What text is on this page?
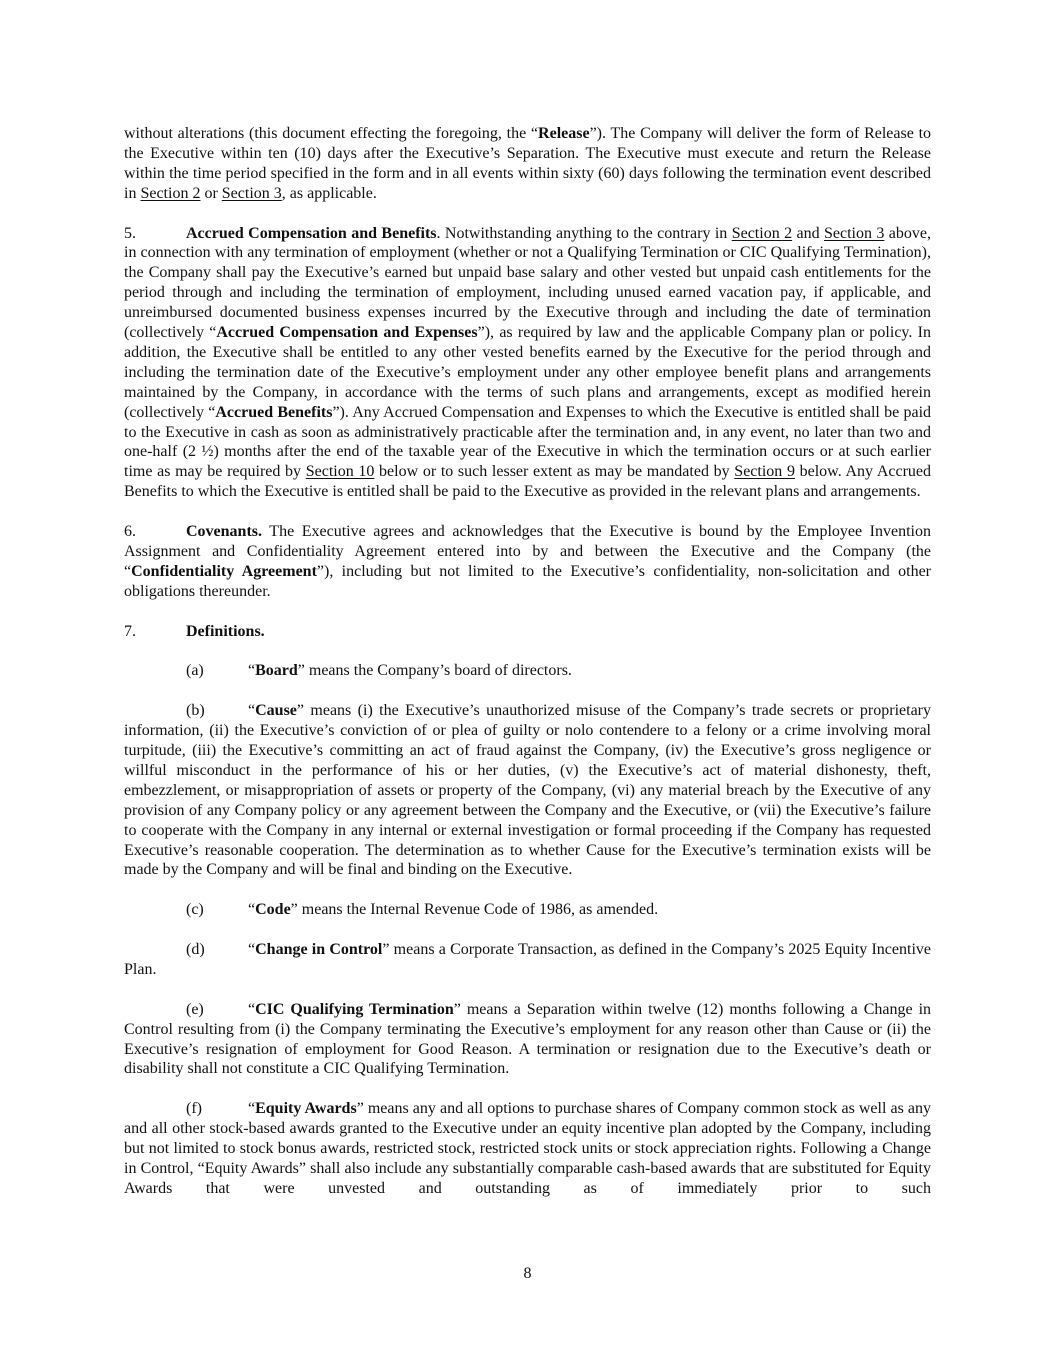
without alterations (this document effecting the foregoing, the “Release”). The Company will deliver the form of Release to the Executive within ten (10) days after the Executive’s Separation. The Executive must execute and return the Release within the time period specified in the form and in all events within sixty (60) days following the termination event described in Section 2 or Section 3, as applicable.

5.	Accrued Compensation and Benefits. Notwithstanding anything to the contrary in Section 2 and Section 3 above, in connection with any termination of employment (whether or not a Qualifying Termination or CIC Qualifying Termination), the Company shall pay the Executive’s earned but unpaid base salary and other vested but unpaid cash entitlements for the period through and including the termination of employment, including unused earned vacation pay, if applicable, and unreimbursed documented business expenses incurred by the Executive through and including the date of termination (collectively “Accrued Compensation and Expenses”), as required by law and the applicable Company plan or policy. In addition, the Executive shall be entitled to any other vested benefits earned by the Executive for the period through and including the termination date of the Executive’s employment under any other employee benefit plans and arrangements maintained by the Company, in accordance with the terms of such plans and arrangements, except as modified herein (collectively “Accrued Benefits”). Any Accrued Compensation and Expenses to which the Executive is entitled shall be paid to the Executive in cash as soon as administratively practicable after the termination and, in any event, no later than two and one-half (2 ½) months after the end of the taxable year of the Executive in which the termination occurs or at such earlier time as may be required by Section 10 below or to such lesser extent as may be mandated by Section 9 below. Any Accrued Benefits to which the Executive is entitled shall be paid to the Executive as provided in the relevant plans and arrangements.

6.	Covenants. The Executive agrees and acknowledges that the Executive is bound by the Employee Invention Assignment and Confidentiality Agreement entered into by and between the Executive and the Company (the “Confidentiality Agreement”), including but not limited to the Executive’s confidentiality, non-solicitation and other obligations thereunder.

7.	Definitions.

(a)	“Board” means the Company’s board of directors.

(b)	“Cause” means (i) the Executive’s unauthorized misuse of the Company’s trade secrets or proprietary information, (ii) the Executive’s conviction of or plea of guilty or nolo contendere to a felony or a crime involving moral turpitude, (iii) the Executive’s committing an act of fraud against the Company, (iv) the Executive’s gross negligence or willful misconduct in the performance of his or her duties, (v) the Executive’s act of material dishonesty, theft, embezzlement, or misappropriation of assets or property of the Company, (vi) any material breach by the Executive of any provision of any Company policy or any agreement between the Company and the Executive, or (vii) the Executive’s failure to cooperate with the Company in any internal or external investigation or formal proceeding if the Company has requested Executive’s reasonable cooperation. The determination as to whether Cause for the Executive’s termination exists will be made by the Company and will be final and binding on the Executive.

(c)	“Code” means the Internal Revenue Code of 1986, as amended.

(d)	“Change in Control” means a Corporate Transaction, as defined in the Company’s 2025 Equity Incentive Plan.

(e)	“CIC Qualifying Termination” means a Separation within twelve (12) months following a Change in Control resulting from (i) the Company terminating the Executive’s employment for any reason other than Cause or (ii) the Executive’s resignation of employment for Good Reason. A termination or resignation due to the Executive’s death or disability shall not constitute a CIC Qualifying Termination.

(f)	“Equity Awards” means any and all options to purchase shares of Company common stock as well as any and all other stock-based awards granted to the Executive under an equity incentive plan adopted by the Company, including but not limited to stock bonus awards, restricted stock, restricted stock units or stock appreciation rights. Following a Change in Control, “Equity Awards” shall also include any substantially comparable cash-based awards that are substituted for Equity Awards that were unvested and outstanding as of immediately prior to such

8
